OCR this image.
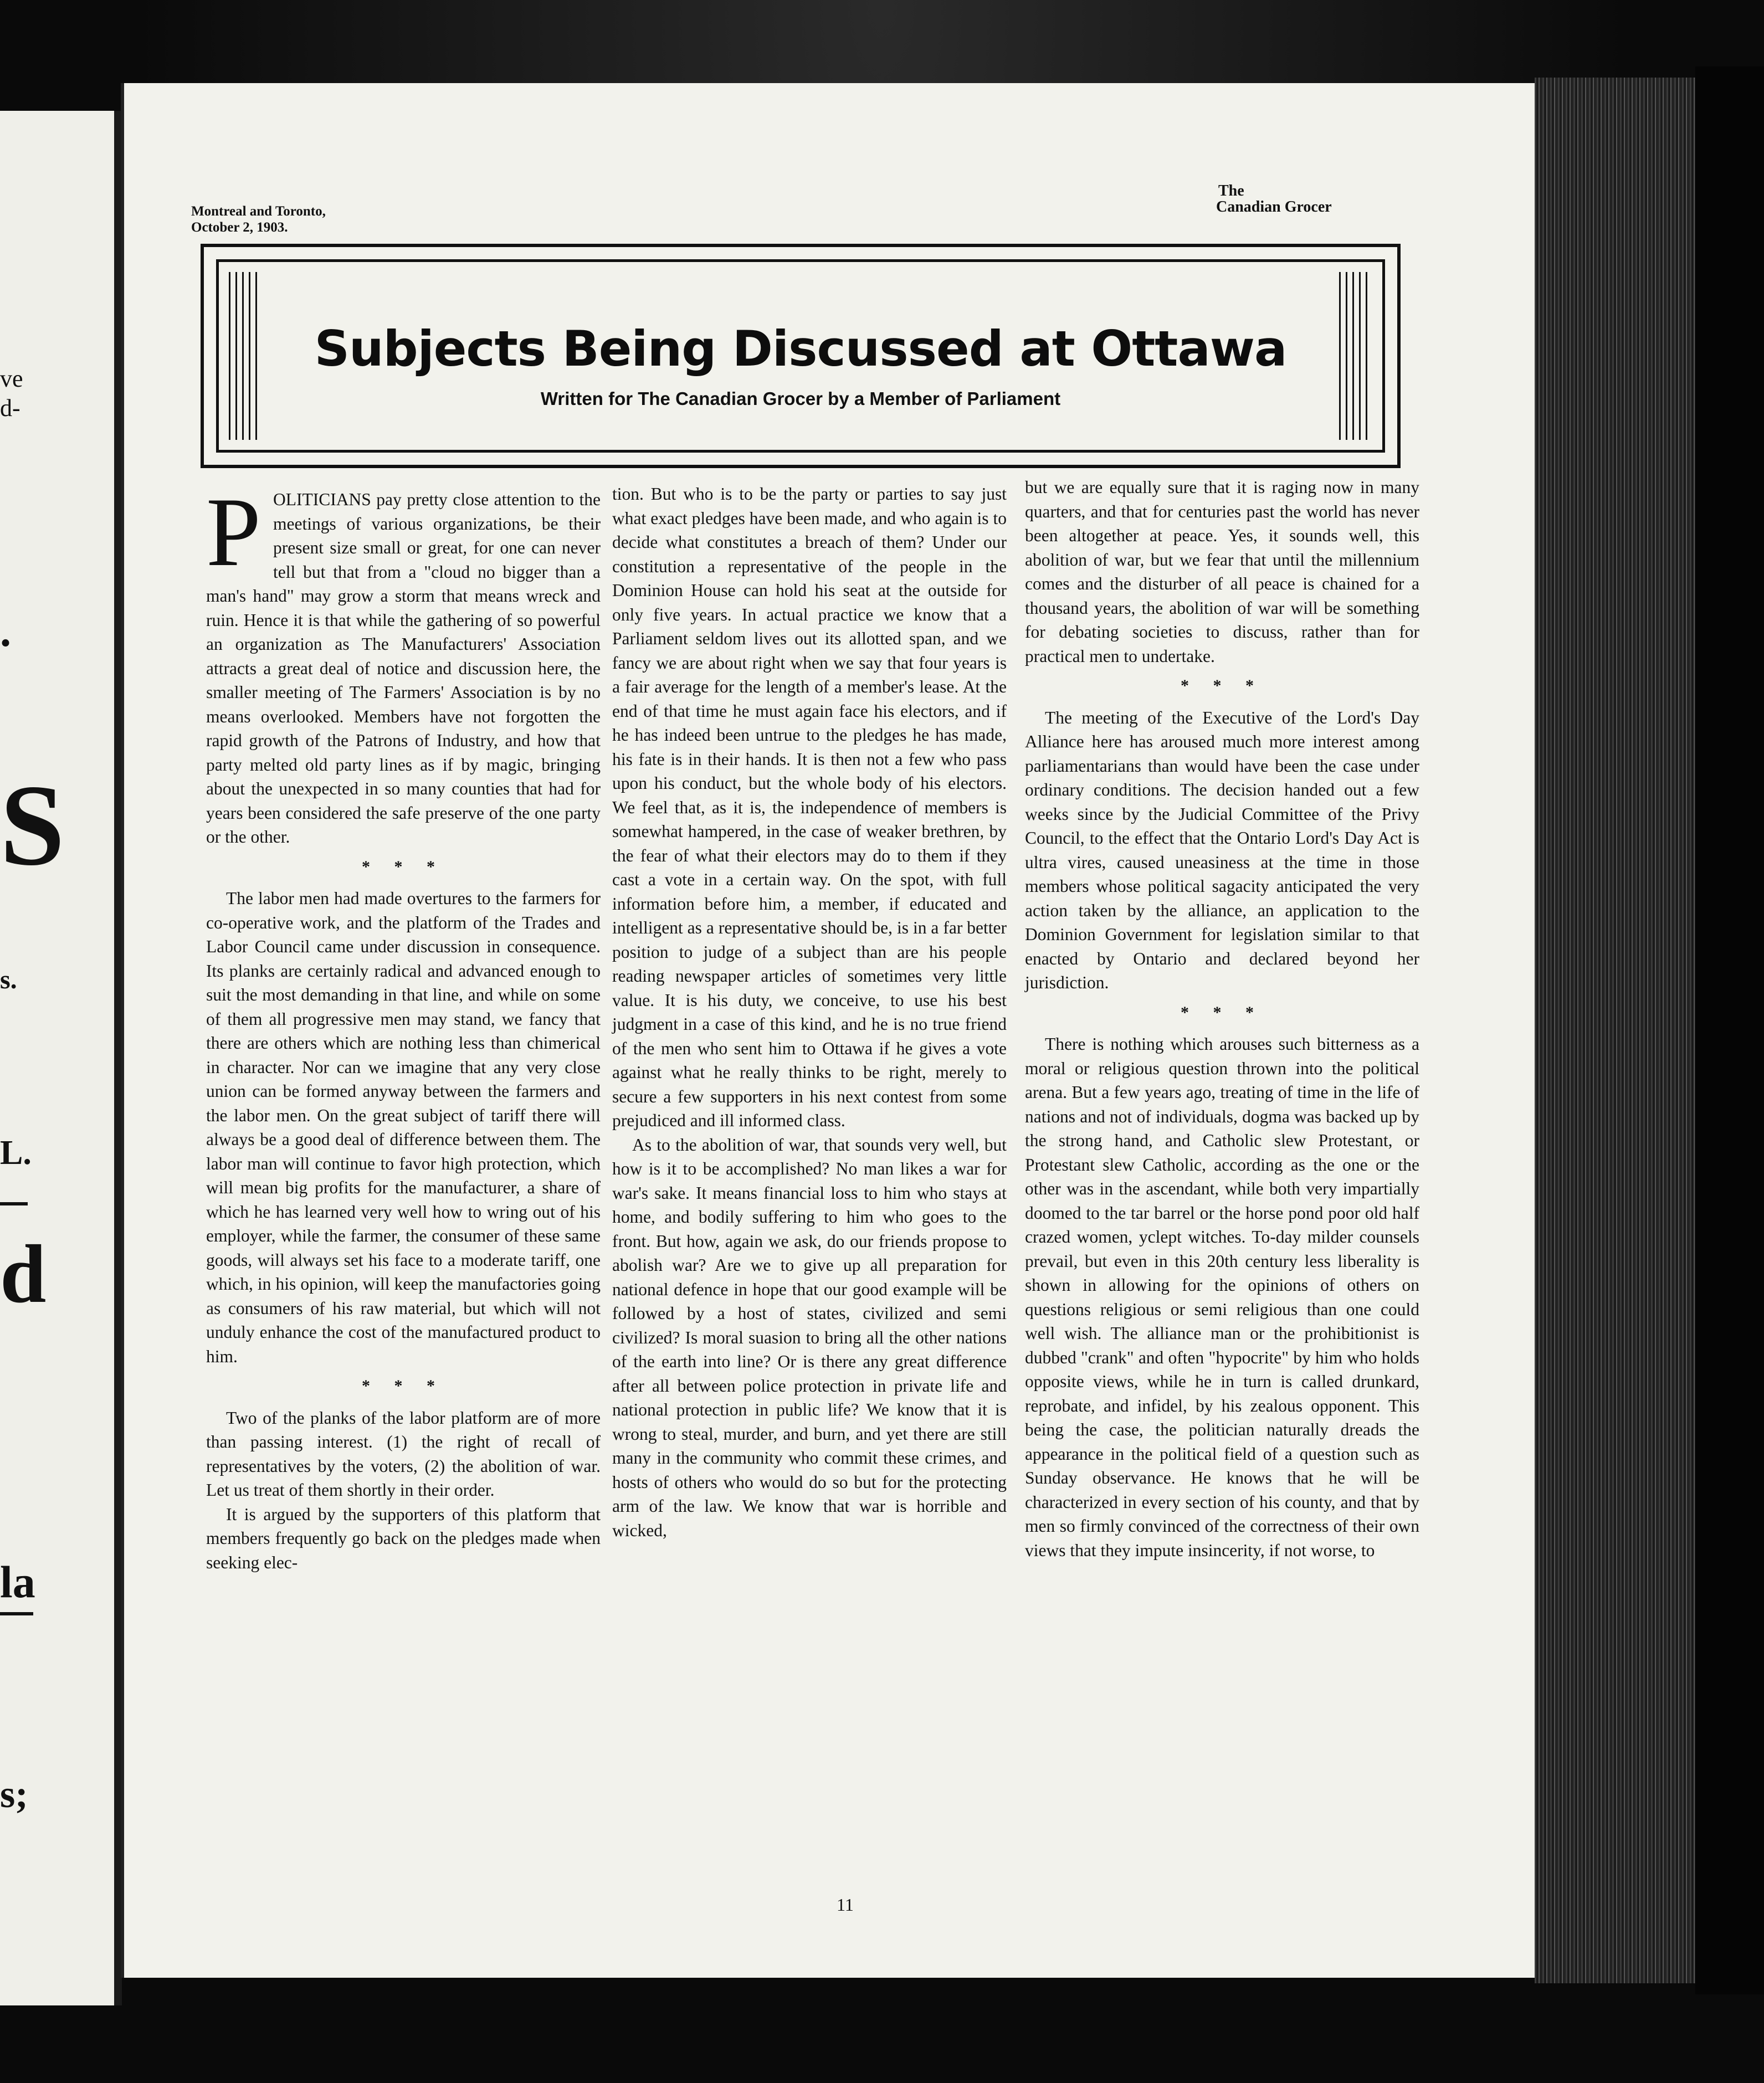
ve
d-
.
S
s.
L.
d
la
s;
Montreal and Toronto,
October 2, 1903.
The
Canadian Grocer
Subjects Being Discussed at Ottawa
Written for The Canadian Grocer by a Member of Parliament

POLITICIANS pay pretty close attention to the meetings of various organizations, be their present size small or great, for one can never tell but that from a "cloud no bigger than a man's hand" may grow a storm that means wreck and ruin. Hence it is that while the gathering of so powerful an organization as The Manufacturers' Association attracts a great deal of notice and discussion here, the smaller meeting of The Farmers' Association is by no means overlooked. Members have not forgotten the rapid growth of the Patrons of Industry, and how that party melted old party lines as if by magic, bringing about the unexpected in so many counties that had for years been considered the safe preserve of the one party or the other.

* * *

The labor men had made overtures to the farmers for co-operative work, and the platform of the Trades and Labor Council came under discussion in consequence. Its planks are certainly radical and advanced enough to suit the most demanding in that line, and while on some of them all progressive men may stand, we fancy that there are others which are nothing less than chimerical in character. Nor can we imagine that any very close union can be formed anyway between the farmers and the labor men. On the great subject of tariff there will always be a good deal of difference between them. The labor man will continue to favor high protection, which will mean big profits for the manufacturer, a share of which he has learned very well how to wring out of his employer, while the farmer, the consumer of these same goods, will always set his face to a moderate tariff, one which, in his opinion, will keep the manufactories going as consumers of his raw material, but which will not unduly enhance the cost of the manufactured product to him.

* * *

Two of the planks of the labor platform are of more than passing interest. (1) the right of recall of representatives by the voters, (2) the abolition of war. Let us treat of them shortly in their order.

It is argued by the supporters of this platform that members frequently go back on the pledges made when seeking elec-

tion. But who is to be the party or parties to say just what exact pledges have been made, and who again is to decide what constitutes a breach of them? Under our constitution a representative of the people in the Dominion House can hold his seat at the outside for only five years. In actual practice we know that a Parliament seldom lives out its allotted span, and we fancy we are about right when we say that four years is a fair average for the length of a member's lease. At the end of that time he must again face his electors, and if he has indeed been untrue to the pledges he has made, his fate is in their hands. It is then not a few who pass upon his conduct, but the whole body of his electors. We feel that, as it is, the independence of members is somewhat hampered, in the case of weaker brethren, by the fear of what their electors may do to them if they cast a vote in a certain way. On the spot, with full information before him, a member, if educated and intelligent as a representative should be, is in a far better position to judge of a subject than are his people reading newspaper articles of sometimes very little value. It is his duty, we conceive, to use his best judgment in a case of this kind, and he is no true friend of the men who sent him to Ottawa if he gives a vote against what he really thinks to be right, merely to secure a few supporters in his next contest from some prejudiced and ill informed class.

As to the abolition of war, that sounds very well, but how is it to be accomplished? No man likes a war for war's sake. It means financial loss to him who stays at home, and bodily suffering to him who goes to the front. But how, again we ask, do our friends propose to abolish war? Are we to give up all preparation for national defence in hope that our good example will be followed by a host of states, civilized and semi civilized? Is moral suasion to bring all the other nations of the earth into line? Or is there any great difference after all between police protection in private life and national protection in public life? We know that it is wrong to steal, murder, and burn, and yet there are still many in the community who commit these crimes, and hosts of others who would do so but for the protecting arm of the law. We know that war is horrible and wicked,

but we are equally sure that it is raging now in many quarters, and that for centuries past the world has never been altogether at peace. Yes, it sounds well, this abolition of war, but we fear that until the millennium comes and the disturber of all peace is chained for a thousand years, the abolition of war will be something for debating societies to discuss, rather than for practical men to undertake.

* * *

The meeting of the Executive of the Lord's Day Alliance here has aroused much more interest among parliamentarians than would have been the case under ordinary conditions. The decision handed out a few weeks since by the Judicial Committee of the Privy Council, to the effect that the Ontario Lord's Day Act is ultra vires, caused uneasiness at the time in those members whose political sagacity anticipated the very action taken by the alliance, an application to the Dominion Government for legislation similar to that enacted by Ontario and declared beyond her jurisdiction.

* * *

There is nothing which arouses such bitterness as a moral or religious question thrown into the political arena. But a few years ago, treating of time in the life of nations and not of individuals, dogma was backed up by the strong hand, and Catholic slew Protestant, or Protestant slew Catholic, according as the one or the other was in the ascendant, while both very impartially doomed to the tar barrel or the horse pond poor old half crazed women, yclept witches. To-day milder counsels prevail, but even in this 20th century less liberality is shown in allowing for the opinions of others on questions religious or semi religious than one could well wish. The alliance man or the prohibitionist is dubbed "crank" and often "hypocrite" by him who holds opposite views, while he in turn is called drunkard, reprobate, and infidel, by his zealous opponent. This being the case, the politician naturally dreads the appearance in the political field of a question such as Sunday observance. He knows that he will be characterized in every section of his county, and that by men so firmly convinced of the correctness of their own views that they impute insincerity, if not worse, to

11
